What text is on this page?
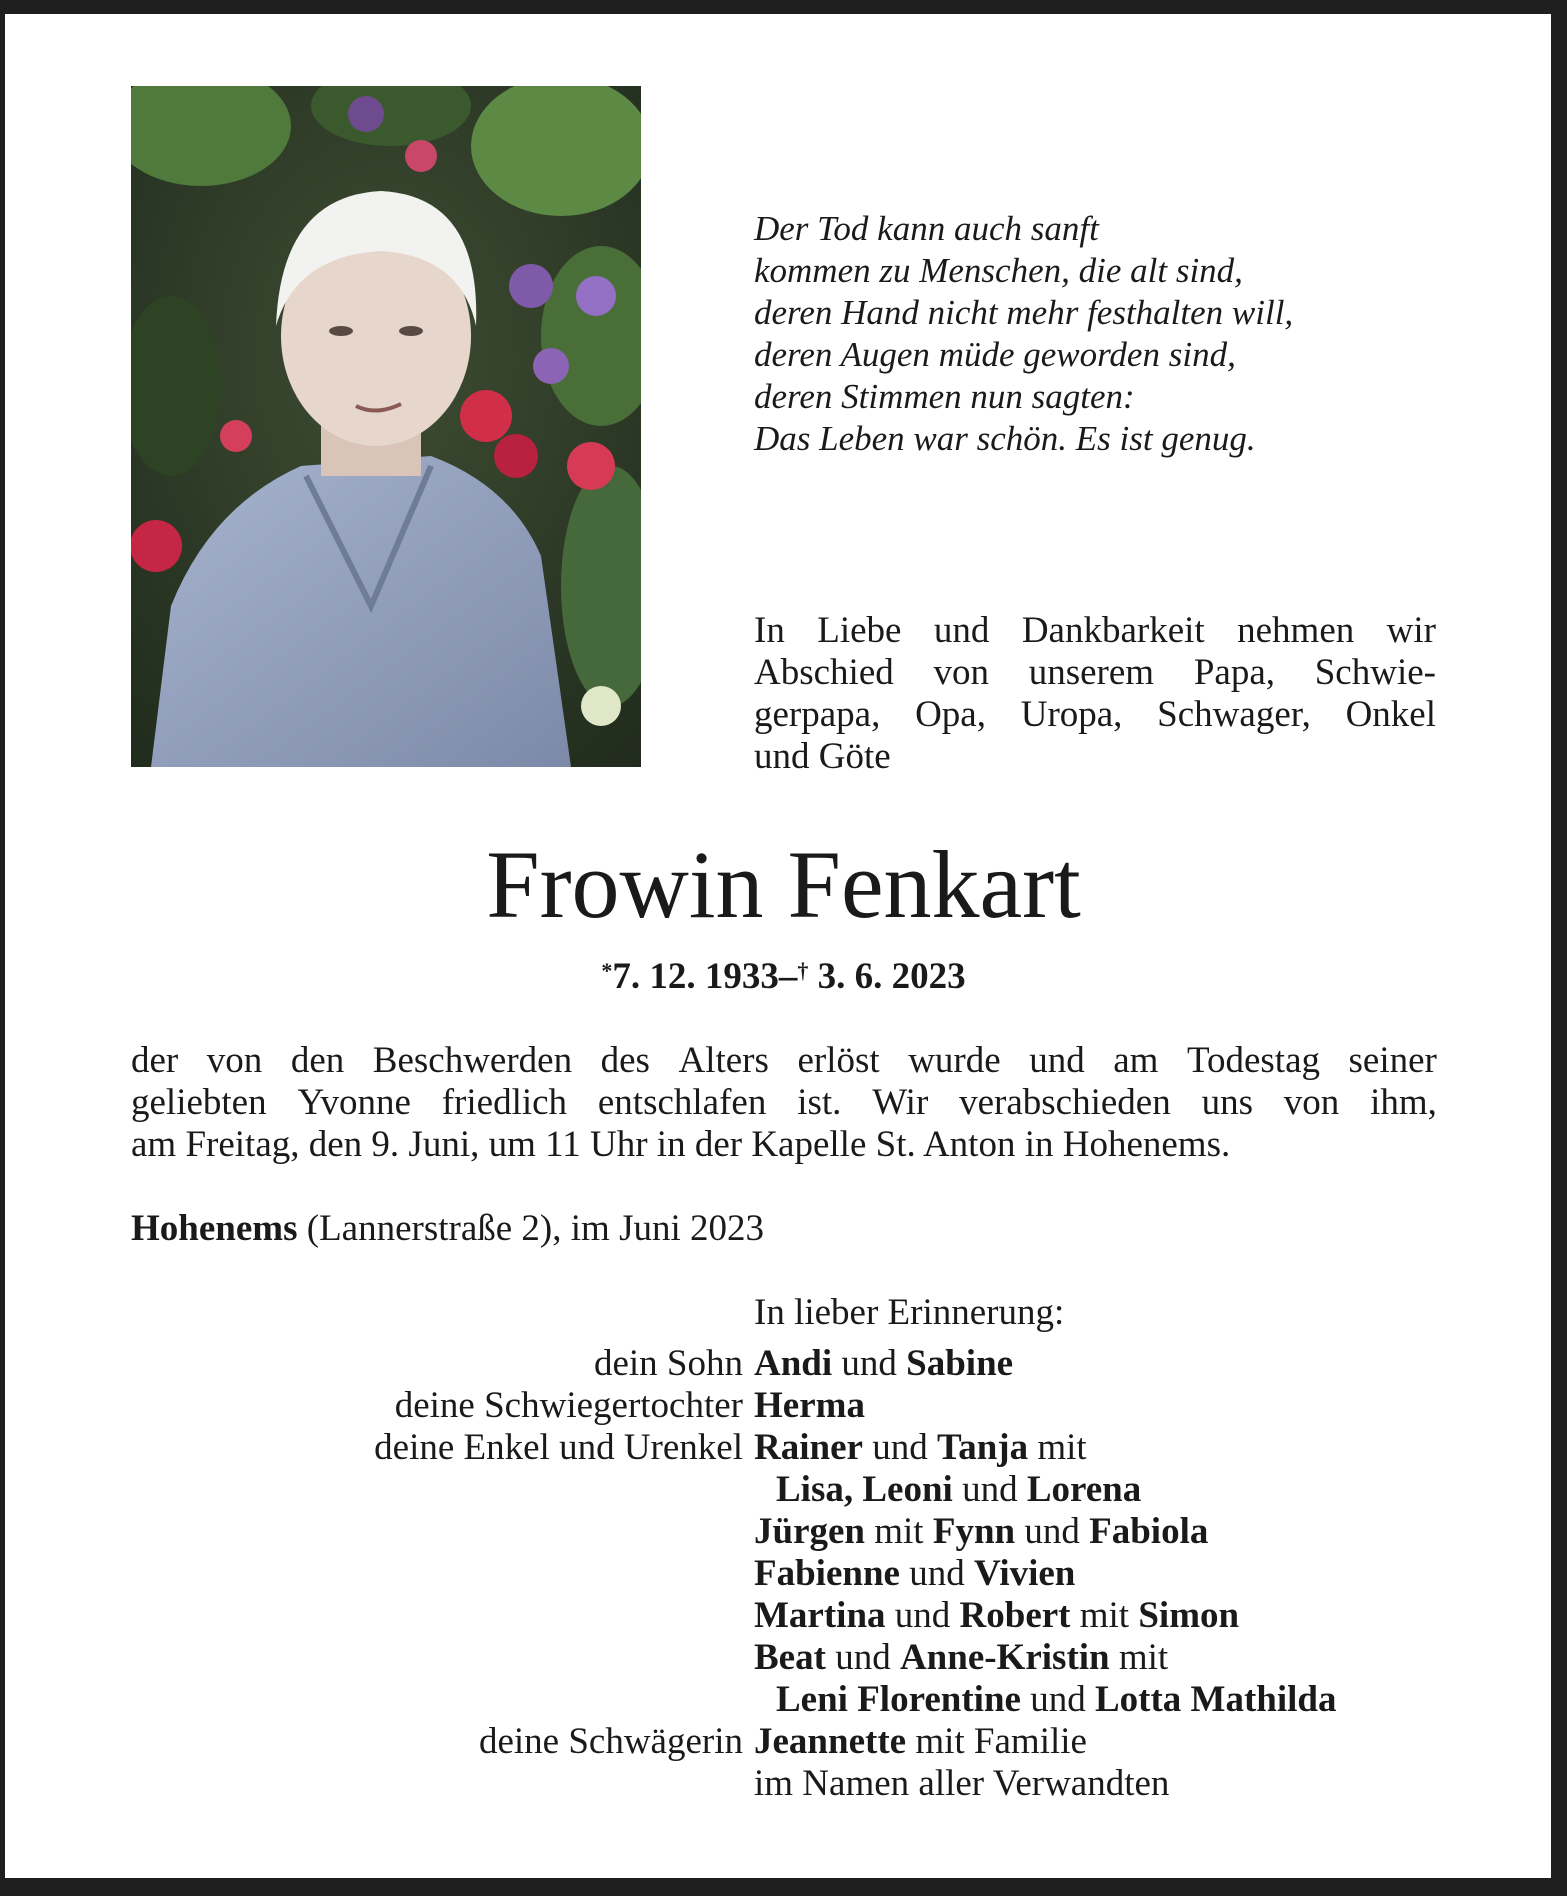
Der Tod kann auch sanft
kommen zu Menschen, die alt sind,
deren Hand nicht mehr festhalten will,
deren Augen müde geworden sind,
deren Stimmen nun sagten:
Das Leben war schön. Es ist genug.
In Liebe und Dankbarkeit nehmen wir
Abschied von unserem Papa, Schwie-
gerpapa, Opa, Uropa, Schwager, Onkel
und Göte
Frowin Fenkart
*7. 12. 1933–† 3. 6. 2023
der von den Beschwerden des Alters erlöst wurde und am Todestag seiner
geliebten Yvonne friedlich entschlafen ist. Wir verabschieden uns von ihm,
am Freitag, den 9. Juni, um 11 Uhr in der Kapelle St. Anton in Hohenems.
Hohenems (Lannerstraße 2), im Juni 2023
In lieber Erinnerung:
dein Sohn Andi und Sabine
deine Schwiegertochter Herma
deine Enkel und Urenkel Rainer und Tanja mit
Lisa, Leoni und Lorena
Jürgen mit Fynn und Fabiola
Fabienne und Vivien
Martina und Robert mit Simon
Beat und Anne-Kristin mit
Leni Florentine und Lotta Mathilda
deine Schwägerin Jeannette mit Familie
im Namen aller Verwandten
